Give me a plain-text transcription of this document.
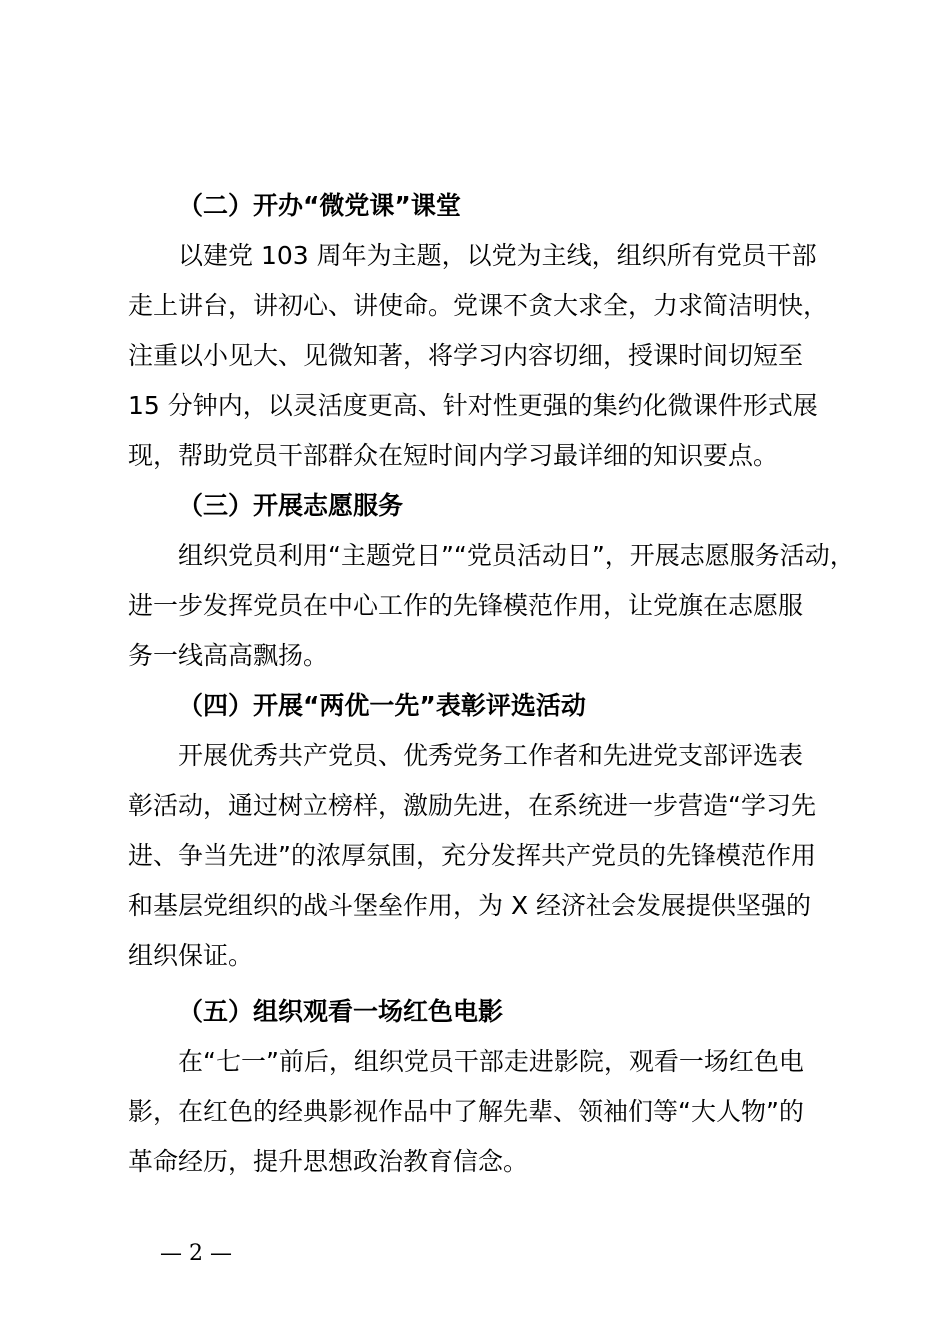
（二）开办“微党课”课堂
以建党 103 周年为主题，以党为主线，组织所有党员干部
走上讲台，讲初心、讲使命。党课不贪大求全，力求简洁明快，
注重以小见大、见微知著，将学习内容切细，授课时间切短至
15 分钟内，以灵活度更高、针对性更强的集约化微课件形式展
现，帮助党员干部群众在短时间内学习最详细的知识要点。
（三）开展志愿服务
组织党员利用“主题党日”“党员活动日”，开展志愿服务活动，
进一步发挥党员在中心工作的先锋模范作用，让党旗在志愿服
务一线高高飘扬。
（四）开展“两优一先”表彰评选活动
开展优秀共产党员、优秀党务工作者和先进党支部评选表
彰活动，通过树立榜样，激励先进，在系统进一步营造“学习先
进、争当先进”的浓厚氛围，充分发挥共产党员的先锋模范作用
和基层党组织的战斗堡垒作用，为 X 经济社会发展提供坚强的
组织保证。
（五）组织观看一场红色电影
在“七一”前后，组织党员干部走进影院，观看一场红色电
影，在红色的经典影视作品中了解先辈、领袖们等“大人物”的
革命经历，提升思想政治教育信念。
— 2 —
